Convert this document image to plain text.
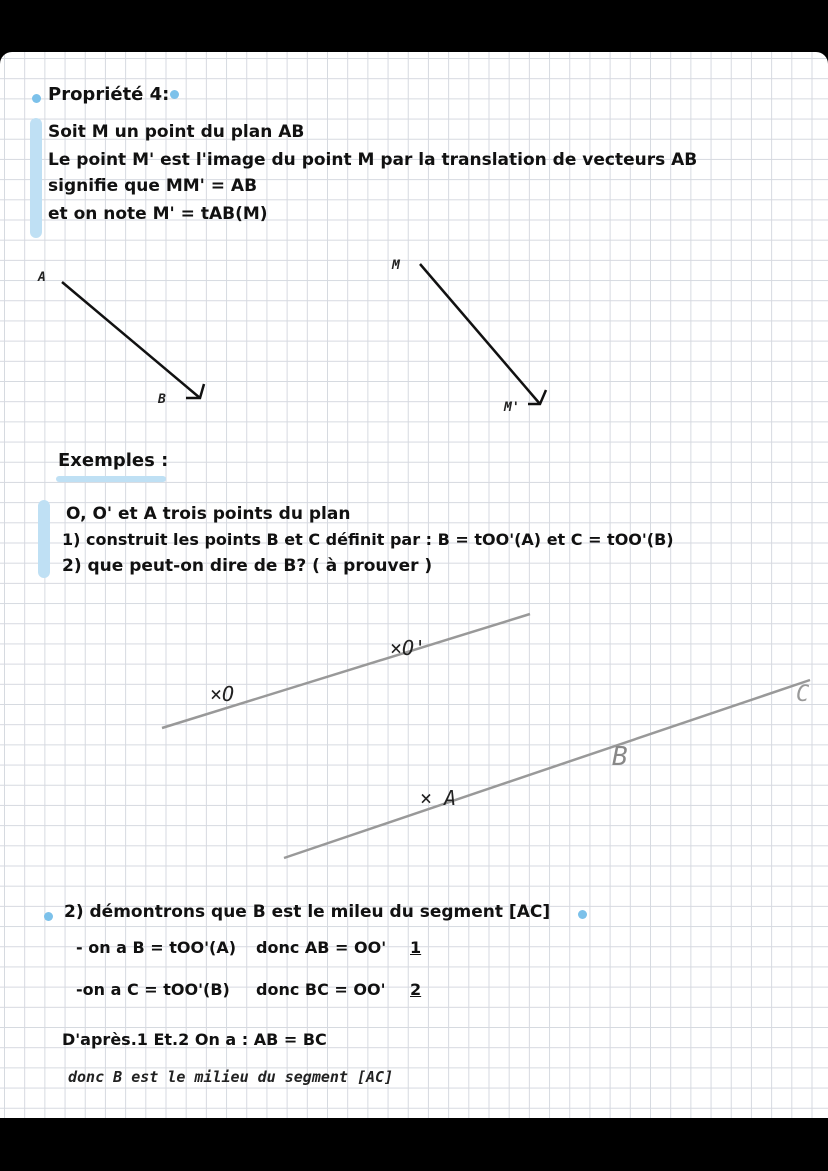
Propriété 4:
Soit M un point du plan AB
Le point M' est l'image du point M par la translation de vecteurs AB
signifie que MM' = AB
et on note M' = tAB(M)
A
B
M
M'
Exemples :
O, O' et A trois points du plan
1) construit les points B et C définit par : B = tOO'(A) et C = tOO'(B)
2) que peut-on dire de B? ( à prouver )
×O
×O'
× A
B
C
2) démontrons que B est le mileu du segment [AC]
- on a B = tOO'(A) donc AB = OO' 1
-on a C = tOO'(B) donc BC = OO' 2
D'après.1 Et.2 On a : AB = BC
donc B est le milieu du segment [AC]
